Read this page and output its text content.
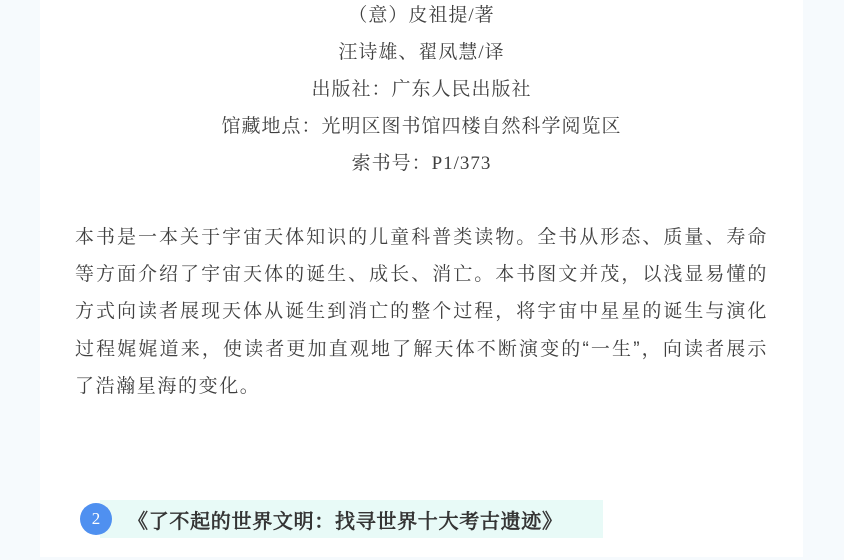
（意）皮祖提/著
汪诗雄、翟凤慧/译
出版社：广东人民出版社
馆藏地点：光明区图书馆四楼自然科学阅览区
索书号：P1/373

本书是一本关于宇宙天体知识的儿童科普类读物。全书从形态、质量、寿命等方面介绍了宇宙天体的诞生、成长、消亡。本书图文并茂，以浅显易懂的方式向读者展现天体从诞生到消亡的整个过程，将宇宙中星星的诞生与演化过程娓娓道来，使读者更加直观地了解天体不断演变的“一生”，向读者展示了浩瀚星海的变化。

2 《了不起的世界文明：找寻世界十大考古遗迹》
